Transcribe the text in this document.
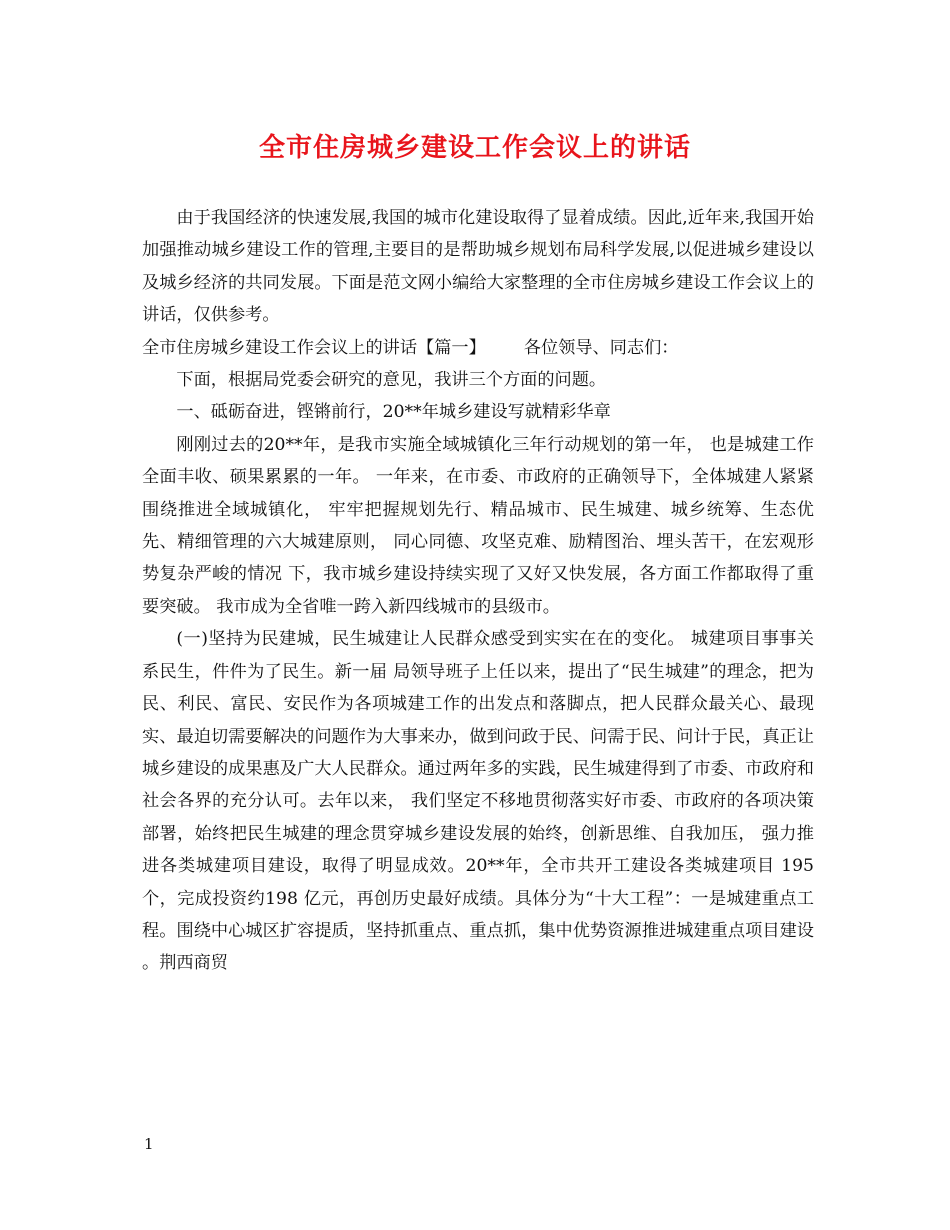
全市住房城乡建设工作会议上的讲话

由于我国经济的快速发展,我国的城市化建设取得了显着成绩。因此,近年来,我国开始加强推动城乡建设工作的管理,主要目的是帮助城乡规划布局科学发展,以促进城乡建设以及城乡经济的共同发展。下面是范文网小编给大家整理的全市住房城乡建设工作会议上的讲话，仅供参考。

全市住房城乡建设工作会议上的讲话【篇一】 各位领导、同志们：

下面，根据局党委会研究的意见，我讲三个方面的问题。

一、砥砺奋进，铿锵前行，20**年城乡建设写就精彩华章

刚刚过去的20**年，是我市实施全域城镇化三年行动规划的第一年， 也是城建工作全面丰收、硕果累累的一年。 一年来，在市委、市政府的正确领导下，全体城建人紧紧围绕推进全域城镇化， 牢牢把握规划先行、精品城市、民生城建、城乡统筹、生态优先、精细管理的六大城建原则， 同心同德、攻坚克难、励精图治、埋头苦干，在宏观形势复杂严峻的情况 下，我市城乡建设持续实现了又好又快发展，各方面工作都取得了重要突破。 我市成为全省唯一跨入新四线城市的县级市。

(一)坚持为民建城，民生城建让人民群众感受到实实在在的变化。 城建项目事事关系民生，件件为了民生。新一届 局领导班子上任以来，提出了“民生城建”的理念，把为民、利民、富民、安民作为各项城建工作的出发点和落脚点，把人民群众最关心、最现实、最迫切需要解决的问题作为大事来办，做到问政于民、问需于民、问计于民，真正让城乡建设的成果惠及广大人民群众。通过两年多的实践，民生城建得到了市委、市政府和社会各界的充分认可。去年以来， 我们坚定不移地贯彻落实好市委、市政府的各项决策部署，始终把民生城建的理念贯穿城乡建设发展的始终，创新思维、自我加压， 强力推进各类城建项目建设，取得了明显成效。20**年，全市共开工建设各类城建项目 195 个，完成投资约198 亿元，再创历史最好成绩。具体分为“十大工程”：一是城建重点工程。围绕中心城区扩容提质，坚持抓重点、重点抓，集中优势资源推进城建重点项目建设 。荆西商贸

1
